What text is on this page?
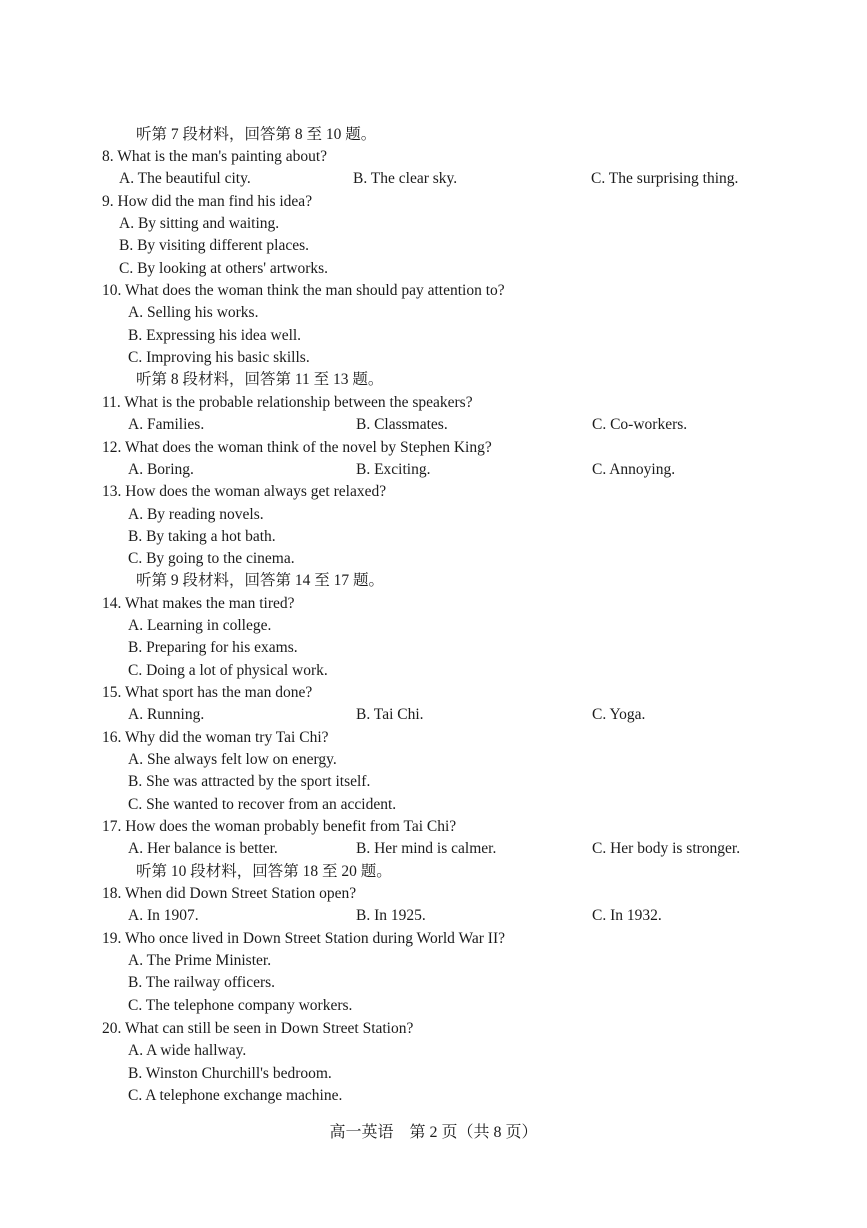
听第 7 段材料，回答第 8 至 10 题。
8. What is the man's painting about?
A. The beautiful city.	B. The clear sky.	C. The surprising thing.
9. How did the man find his idea?
A. By sitting and waiting.
B. By visiting different places.
C. By looking at others' artworks.
10. What does the woman think the man should pay attention to?
A. Selling his works.
B. Expressing his idea well.
C. Improving his basic skills.
听第 8 段材料，回答第 11 至 13 题。
11. What is the probable relationship between the speakers?
A. Families.	B. Classmates.	C. Co-workers.
12. What does the woman think of the novel by Stephen King?
A. Boring.	B. Exciting.	C. Annoying.
13. How does the woman always get relaxed?
A. By reading novels.
B. By taking a hot bath.
C. By going to the cinema.
听第 9 段材料，回答第 14 至 17 题。
14. What makes the man tired?
A. Learning in college.
B. Preparing for his exams.
C. Doing a lot of physical work.
15. What sport has the man done?
A. Running.	B. Tai Chi.	C. Yoga.
16. Why did the woman try Tai Chi?
A. She always felt low on energy.
B. She was attracted by the sport itself.
C. She wanted to recover from an accident.
17. How does the woman probably benefit from Tai Chi?
A. Her balance is better.	B. Her mind is calmer.	C. Her body is stronger.
听第 10 段材料，回答第 18 至 20 题。
18. When did Down Street Station open?
A. In 1907.	B. In 1925.	C. In 1932.
19. Who once lived in Down Street Station during World War II?
A. The Prime Minister.
B. The railway officers.
C. The telephone company workers.
20. What can still be seen in Down Street Station?
A. A wide hallway.
B. Winston Churchill's bedroom.
C. A telephone exchange machine.
高一英语　第 2 页（共 8 页）
